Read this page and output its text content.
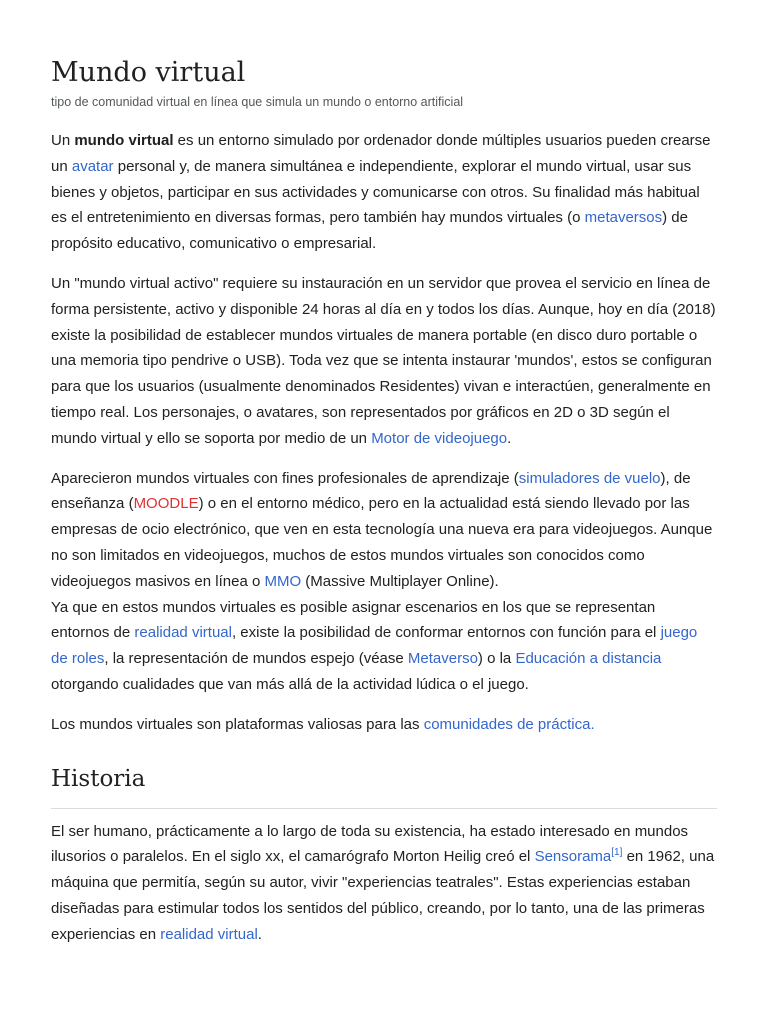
Mundo virtual
tipo de comunidad virtual en línea que simula un mundo o entorno artificial

Un mundo virtual es un entorno simulado por ordenador donde múltiples usuarios pueden crearse un avatar personal y, de manera simultánea e independiente, explorar el mundo virtual, usar sus bienes y objetos, participar en sus actividades y comunicarse con otros. Su finalidad más habitual es el entretenimiento en diversas formas, pero también hay mundos virtuales (o metaversos) de propósito educativo, comunicativo o empresarial.

Un "mundo virtual activo" requiere su instauración en un servidor que provea el servicio en línea de forma persistente, activo y disponible 24 horas al día en y todos los días. Aunque, hoy en día (2018) existe la posibilidad de establecer mundos virtuales de manera portable (en disco duro portable o una memoria tipo pendrive o USB). Toda vez que se intenta instaurar 'mundos', estos se configuran para que los usuarios (usualmente denominados Residentes) vivan e interactúen, generalmente en tiempo real. Los personajes, o avatares, son representados por gráficos en 2D o 3D según el mundo virtual y ello se soporta por medio de un Motor de videojuego.

Aparecieron mundos virtuales con fines profesionales de aprendizaje (simuladores de vuelo), de enseñanza (MOODLE) o en el entorno médico, pero en la actualidad está siendo llevado por las empresas de ocio electrónico, que ven en esta tecnología una nueva era para videojuegos. Aunque no son limitados en videojuegos, muchos de estos mundos virtuales son conocidos como videojuegos masivos en línea o MMO (Massive Multiplayer Online).
Ya que en estos mundos virtuales es posible asignar escenarios en los que se representan entornos de realidad virtual, existe la posibilidad de conformar entornos con función para el juego de roles, la representación de mundos espejo (véase Metaverso) o la Educación a distancia otorgando cualidades que van más allá de la actividad lúdica o el juego.

Los mundos virtuales son plataformas valiosas para las comunidades de práctica.

Historia

El ser humano, prácticamente a lo largo de toda su existencia, ha estado interesado en mundos ilusorios o paralelos. En el siglo xx, el camarógrafo Morton Heilig creó el Sensorama[1] en 1962, una máquina que permitía, según su autor, vivir "experiencias teatrales". Estas experiencias estaban diseñadas para estimular todos los sentidos del público, creando, por lo tanto, una de las primeras experiencias en realidad virtual.
